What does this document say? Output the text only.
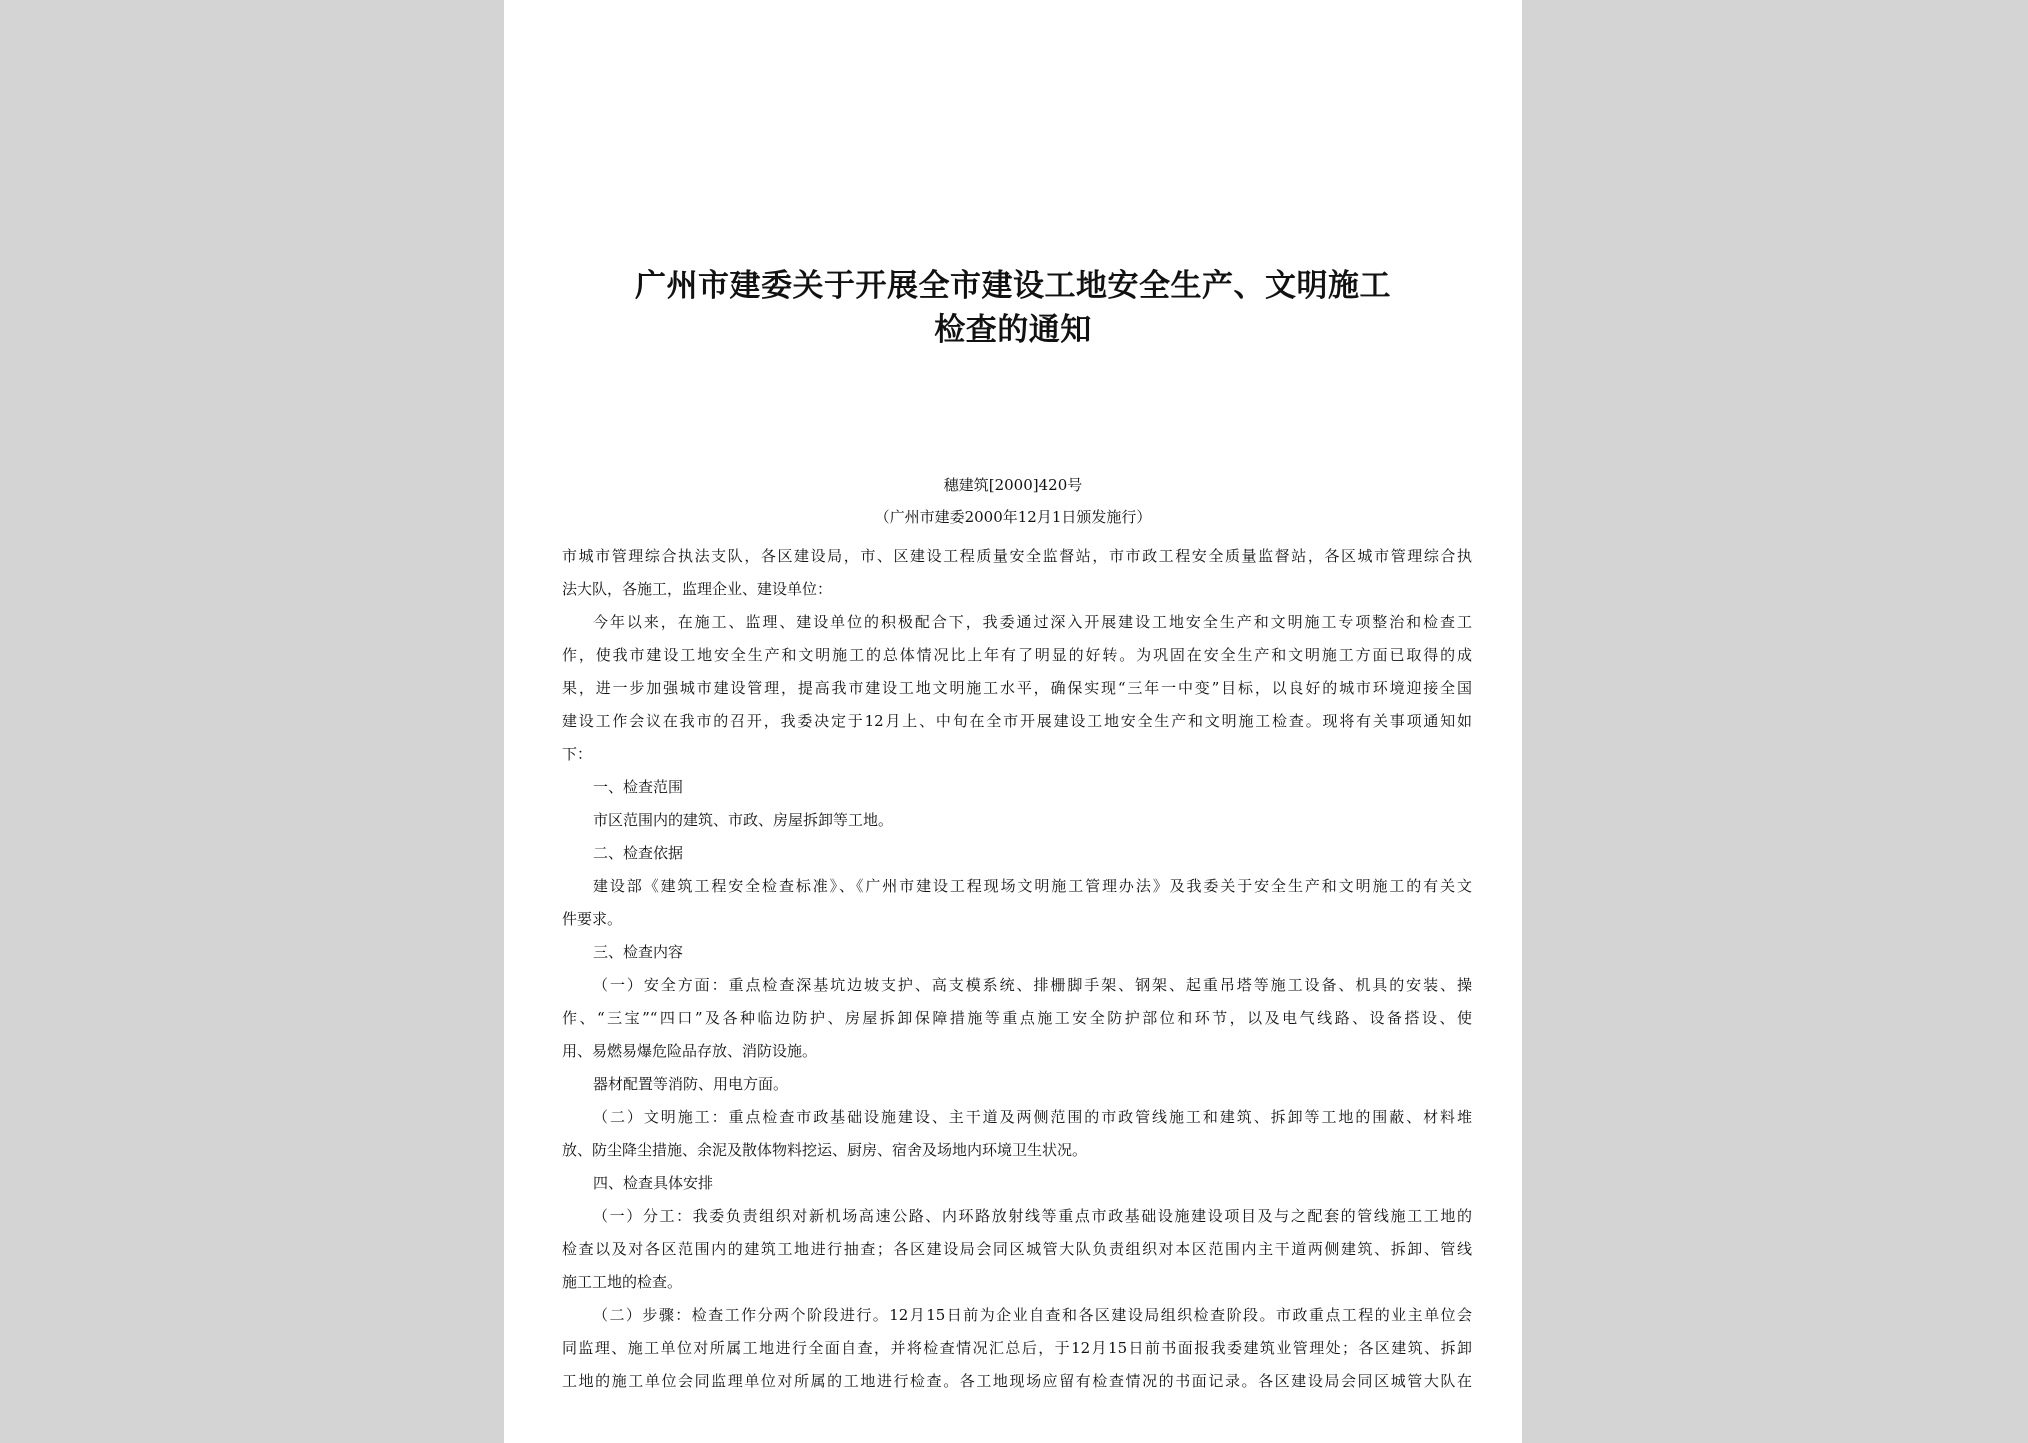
广州市建委关于开展全市建设工地安全生产、文明施工
检查的通知
穗建筑[2000]420号
（广州市建委2000年12月1日颁发施行）
市城市管理综合执法支队，各区建设局，市、区建设工程质量安全监督站，市市政工程安全质量监督站，各区城市管理综合执
法大队，各施工，监理企业、建设单位：
今年以来，在施工、监理、建设单位的积极配合下，我委通过深入开展建设工地安全生产和文明施工专项整治和检查工
作，使我市建设工地安全生产和文明施工的总体情况比上年有了明显的好转。为巩固在安全生产和文明施工方面已取得的成
果，进一步加强城市建设管理，提高我市建设工地文明施工水平，确保实现“三年一中变”目标，以良好的城市环境迎接全国
建设工作会议在我市的召开，我委决定于12月上、中旬在全市开展建设工地安全生产和文明施工检查。现将有关事项通知如
下：
一、检查范围
市区范围内的建筑、市政、房屋拆卸等工地。
二、检查依据
建设部《建筑工程安全检查标准》、《广州市建设工程现场文明施工管理办法》及我委关于安全生产和文明施工的有关文
件要求。
三、检查内容
（一）安全方面：重点检查深基坑边坡支护、高支模系统、排栅脚手架、钢架、起重吊塔等施工设备、机具的安装、操
作、“三宝”“四口”及各种临边防护、房屋拆卸保障措施等重点施工安全防护部位和环节，以及电气线路、设备搭设、使
用、易燃易爆危险品存放、消防设施。
器材配置等消防、用电方面。
（二）文明施工：重点检查市政基础设施建设、主干道及两侧范围的市政管线施工和建筑、拆卸等工地的围蔽、材料堆
放、防尘降尘措施、余泥及散体物料挖运、厨房、宿舍及场地内环境卫生状况。
四、检查具体安排
（一）分工：我委负责组织对新机场高速公路、内环路放射线等重点市政基础设施建设项目及与之配套的管线施工工地的
检查以及对各区范围内的建筑工地进行抽查；各区建设局会同区城管大队负责组织对本区范围内主干道两侧建筑、拆卸、管线
施工工地的检查。
（二）步骤：检查工作分两个阶段进行。12月15日前为企业自查和各区建设局组织检查阶段。市政重点工程的业主单位会
同监理、施工单位对所属工地进行全面自查，并将检查情况汇总后，于12月15日前书面报我委建筑业管理处；各区建筑、拆卸
工地的施工单位会同监理单位对所属的工地进行检查。各工地现场应留有检查情况的书面记录。各区建设局会同区城管大队在
